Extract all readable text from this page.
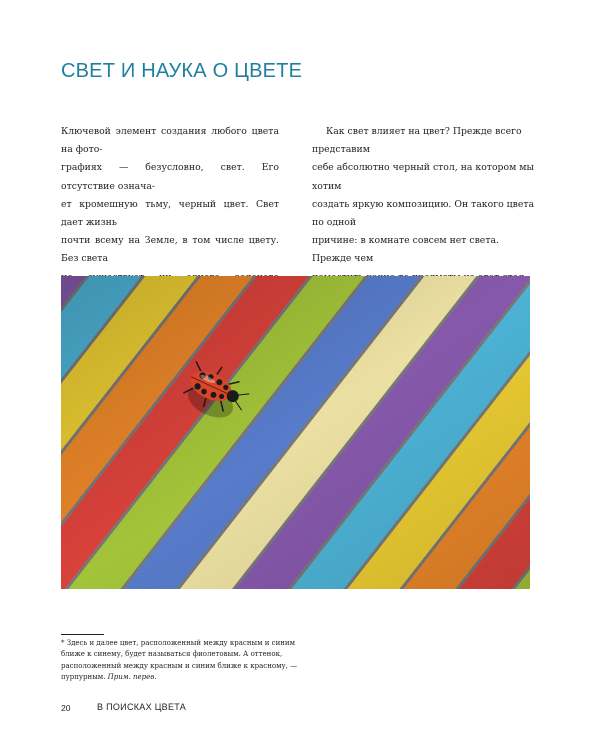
СВЕТ И НАУКА О ЦВЕТЕ

Ключевой элемент создания любого цвета на фото-

графиях — безусловно, свет. Его отсутствие означа-

ет кромешную тьму, черный цвет. Свет дает жизнь

почти всему на Земле, в том числе цвету. Без света

Как свет влияет на цвет? Прежде всего представим

себе абсолютно черный стол, на котором мы хотим

создать яркую композицию. Он такого цвета по одной

причине: в комнате совсем нет света. Прежде чем

* Здесь и далее цвет, расположенный между красным и синим

ближе к синему, будет называться фиолетовым. А оттенок,

расположенный между красным и синим ближе к красному, —

пурпурным. Прим. перев.

20	В ПОИСКАХ ЦВЕТА
